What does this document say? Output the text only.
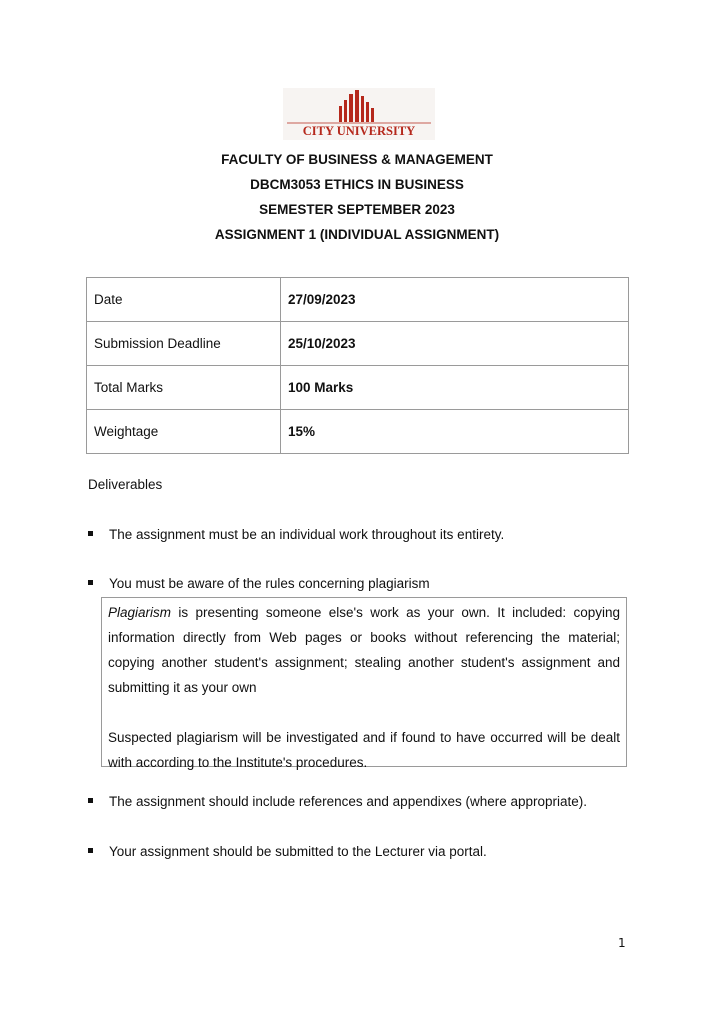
CITY UNIVERSITY
FACULTY OF BUSINESS & MANAGEMENT
DBCM3053 ETHICS IN BUSINESS
SEMESTER SEPTEMBER 2023
ASSIGNMENT 1 (INDIVIDUAL ASSIGNMENT)
Date	27/09/2023
Submission Deadline	25/10/2023
Total Marks	100 Marks
Weightage	15%
Deliverables
The assignment must be an individual work throughout its entirety.
You must be aware of the rules concerning plagiarism

Plagiarism is presenting someone else's work as your own. It included: copying information directly from Web pages or books without referencing the material; copying another student's assignment; stealing another student's assignment and submitting it as your own

Suspected plagiarism will be investigated and if found to have occurred will be dealt with according to the Institute's procedures.

The assignment should include references and appendixes (where appropriate).
Your assignment should be submitted to the Lecturer via portal.
1
